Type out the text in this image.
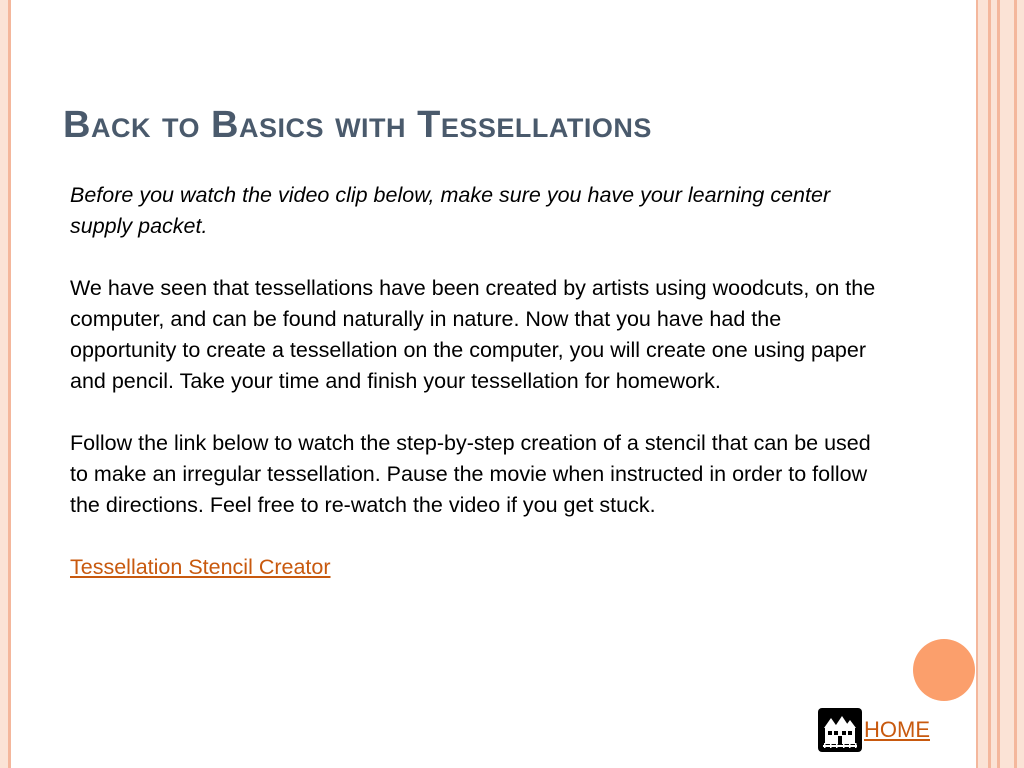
Back to Basics with Tessellations

Before you watch the video clip below, make sure you have your learning center supply packet.

We have seen that tessellations have been created by artists using woodcuts, on the computer, and can be found naturally in nature. Now that you have had the opportunity to create a tessellation on the computer, you will create one using paper and pencil. Take your time and finish your tessellation for homework.

Follow the link below to watch the step-by-step creation of a stencil that can be used to make an irregular tessellation. Pause the movie when instructed in order to follow the directions. Feel free to re-watch the video if you get stuck.

Tessellation Stencil Creator

HOME
